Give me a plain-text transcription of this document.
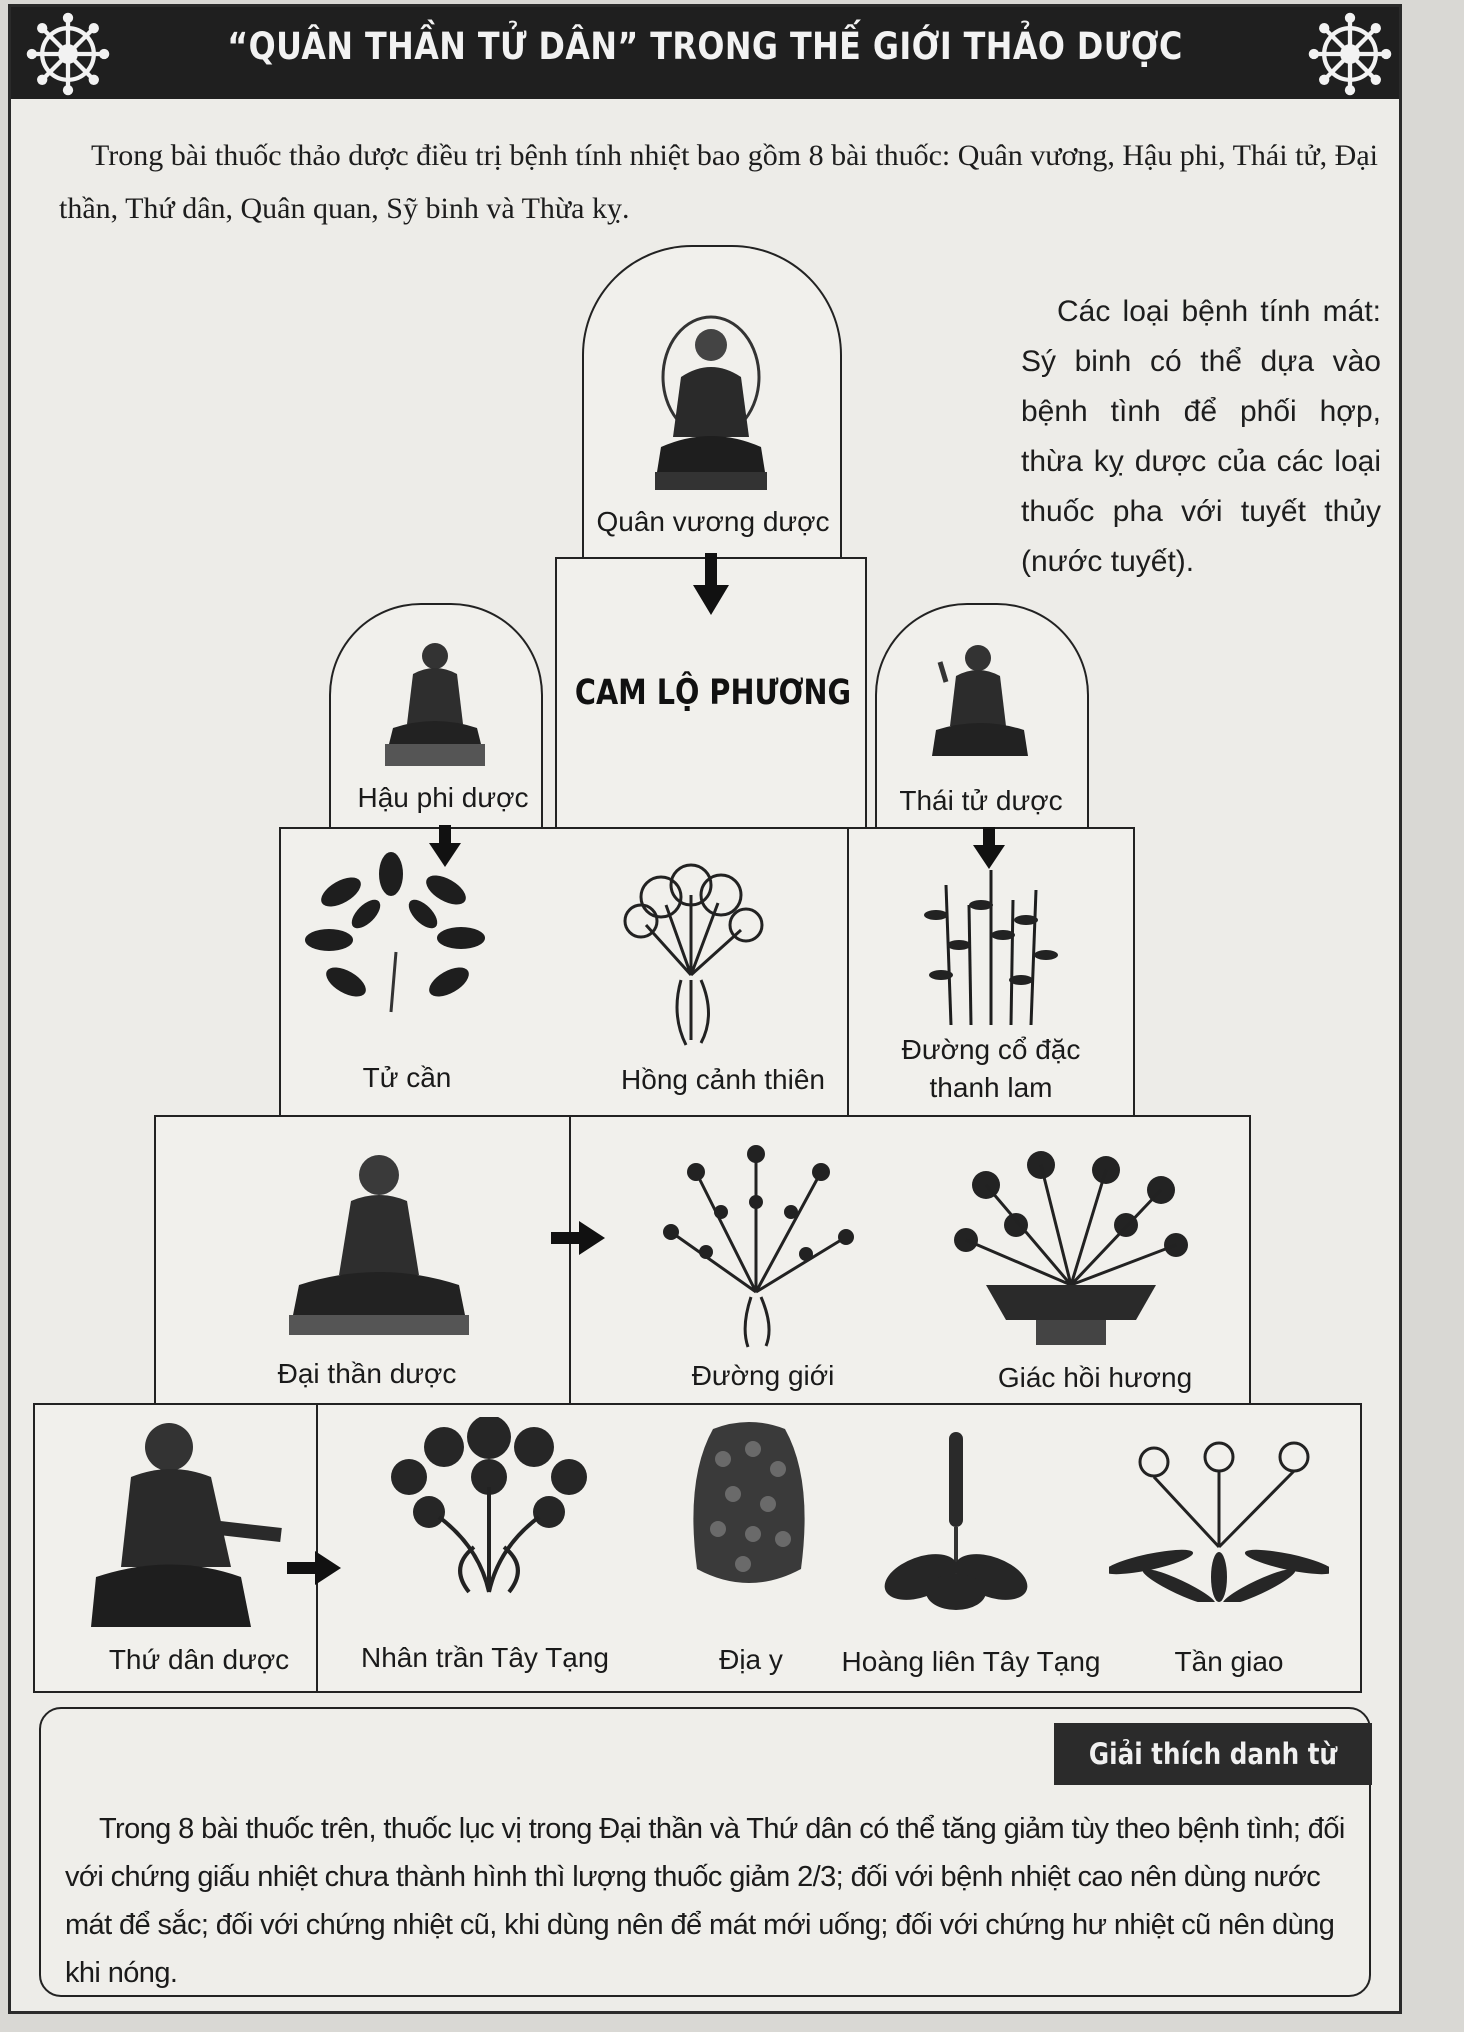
“QUÂN THẦN TỬ DÂN” TRONG THẾ GIỚI THẢO DƯỢC

Trong bài thuốc thảo dược điều trị bệnh tính nhiệt bao gồm 8 bài thuốc: Quân vương, Hậu phi, Thái tử, Đại thần, Thứ dân, Quân quan, Sỹ binh và Thừa kỵ.

Các loại bệnh tính mát: Sý binh có thể dựa vào bệnh tình để phối hợp, thừa kỵ dược của các loại thuốc pha với tuyết thủy (nước tuyết).

CAM LỘ PHƯƠNG
Quân vương dược
Hậu phi dược	Thái tử dược
Tử cần	Hồng cảnh thiên
Đường cổ đặc
thanh lam
Đại thần dược	Đường giới	Giác hồi hương
Thứ dân dược	Nhân trần Tây Tạng	Địa y Hoàng liên Tây Tạng	Tần giao
Giải thích danh từ

Trong 8 bài thuốc trên, thuốc lục vị trong Đại thần và Thứ dân có thể tăng giảm tùy theo bệnh tình; đối với chứng giấu nhiệt chưa thành hình thì lượng thuốc giảm 2/3; đối với bệnh nhiệt cao nên dùng nước mát để sắc; đối với chứng nhiệt cũ, khi dùng nên để mát mới uống; đối với chứng hư nhiệt cũ nên dùng khi nóng.
